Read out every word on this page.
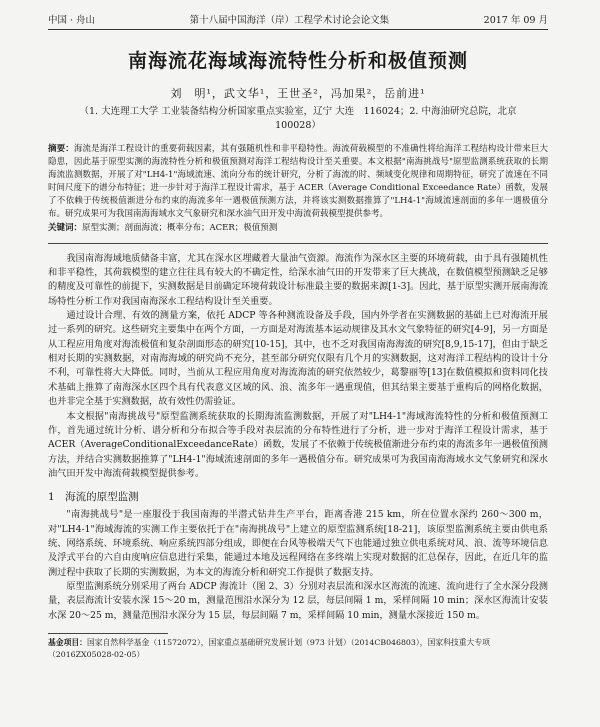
中国 · 舟山	第十八届中国海洋（岸）工程学术讨论会论文集	2017 年 09 月
南海流花海域海流特性分析和极值预测
刘　明¹，武文华¹，王世圣²，冯加果²，岳前进¹
（1. 大连理工大学 工业装备结构分析国家重点实验室，辽宁 大连　116024；2. 中海油研究总院，北京　100028）
摘要：海流是海洋工程设计的重要荷载因素，其有强随机性和非平稳特性。海流荷载模型的不准确性将给海洋工程结构设计带来巨大隐患，因此基于原型实测的海流特性分析和极值预测对海洋工程结构设计至关重要。本文根据"南海挑战号"原型监测系统获取的长期海流监测数据，开展了对"LH4-1"海域流速、流向分布的统计研究，分析了海流的时、频域变化规律和周期特征，研究了流速在不同时间尺度下的谱分布特征；进一步针对于海洋工程设计需求，基于 ACER（Average Conditional Exceedance Rate）函数，发展了不依赖于传统极值渐进分布约束的海流多年一遇极值预测方法，并将该实测数据推算了"LH4-1"海域流速剖面的多年一遇极值分布。研究成果可为我国南海海域水文气象研究和深水油气田开发中海流荷载模型提供参考。
关键词：原型实测；剖面海流；概率分布；ACER；极值预测

我国南海海域地质储备丰富，尤其在深水区埋藏着大量油气资源。海流作为深水区主要的环境荷载，由于具有强随机性和非平稳性，其荷载模型的建立往往具有较大的不确定性，给深水油气田的开发带来了巨大挑战，在数值模型预测缺乏足够的精度及可靠性的前提下，实测数据是目前确定环境荷载设计标准最主要的数据来源[1-3]。因此，基于原型实测开展南海流场特性分析工作对我国南海深水工程结构设计至关重要。

通过设计合理、有效的测量方案，依托 ADCP 等各种测流设备及手段，国内外学者在实测数据的基础上已对海流开展过一系列的研究。这些研究主要集中在两个方面，一方面是对海流基本运动规律及其水文气象特征的研究[4-9]，另一方面是从工程应用角度对海流极值和复杂剖面形态的研究[10-15]，其中，也不乏对我国南海海流的研究[8,9,15-17]，但由于缺乏相对长期的实测数据，对南海海域的研究尚不充分，甚至部分研究仅限有几个月的实测数据，这对海洋工程结构的设计十分不利，可靠性将大大降低。同时，当前从工程应用角度对海流海流的研究依然较少，葛黎丽等[13]在数值模拟和资料同化技术基础上推算了南海深水区四个具有代表意义区域的风、浪、流多年一遇重现值，但其结果主要基于重构后的网格化数据，也并非完全基于实测数据，故有效性仍需验证。

本文根据"南海挑战号"原型监测系统获取的长期海流监测数据，开展了对"LH4-1"海域海流特性的分析和极值预测工作，首先通过统计分析、谱分析和分布拟合等手段对表层流的分布特性进行了分析，进一步对于海洋工程设计需求，基于 ACER（AverageConditionalExceedanceRate）函数，发展了不依赖于传统极值渐进分布约束的海流多年一遇极值预测方法，并结合实测数据推算了"LH4-1"海域流速剖面的多年一遇极值分布。研究成果可为我国南海海域水文气象研究和深水油气田开发中海流荷载模型提供参考。

1　海流的原型监测

"南海挑战号"是一座服役于我国南海的半潜式钻井生产平台，距离香港 215 km，所在位置水深约 260～300 m，对"LH4-1"海域海流的实测工作主要依托于在"南海挑战号"上建立的原型监测系统[18-21]，该原型监测系统主要由供电系统、网络系统、环境系统、响应系统四部分组成，即便在台风等极端天气下也能通过独立供电系统对风、浪、流等环境信息及浮式平台的六自由度响应信息进行采集，能通过本地及远程网络在多终端上实现对数据的汇总保存，因此，在近几年的监测过程中获取了长期的实测数据，为本文的海流分析和研究工作提供了数据支持。

原型监测系统分别采用了两台 ADCP 海流计（图 2、3）分别对表层流和深水区海流的流速、流向进行了全水深分段测量，表层海流计安装水深 15～20 m，测量范围沿水深分为 12 层，每层间隔 1 m，采样间隔 10 min；深水区海流计安装水深 20～25 m，测量范围沿水深分为 15 层，每层间隔 7 m，采样间隔 10 min，测量水深接近 150 m。

基金项目：国家自然科学基金（11572072），国家重点基础研究发展计划（973 计划）（2014CB046803），国家科技重大专项（2016ZX05028-02-05）
